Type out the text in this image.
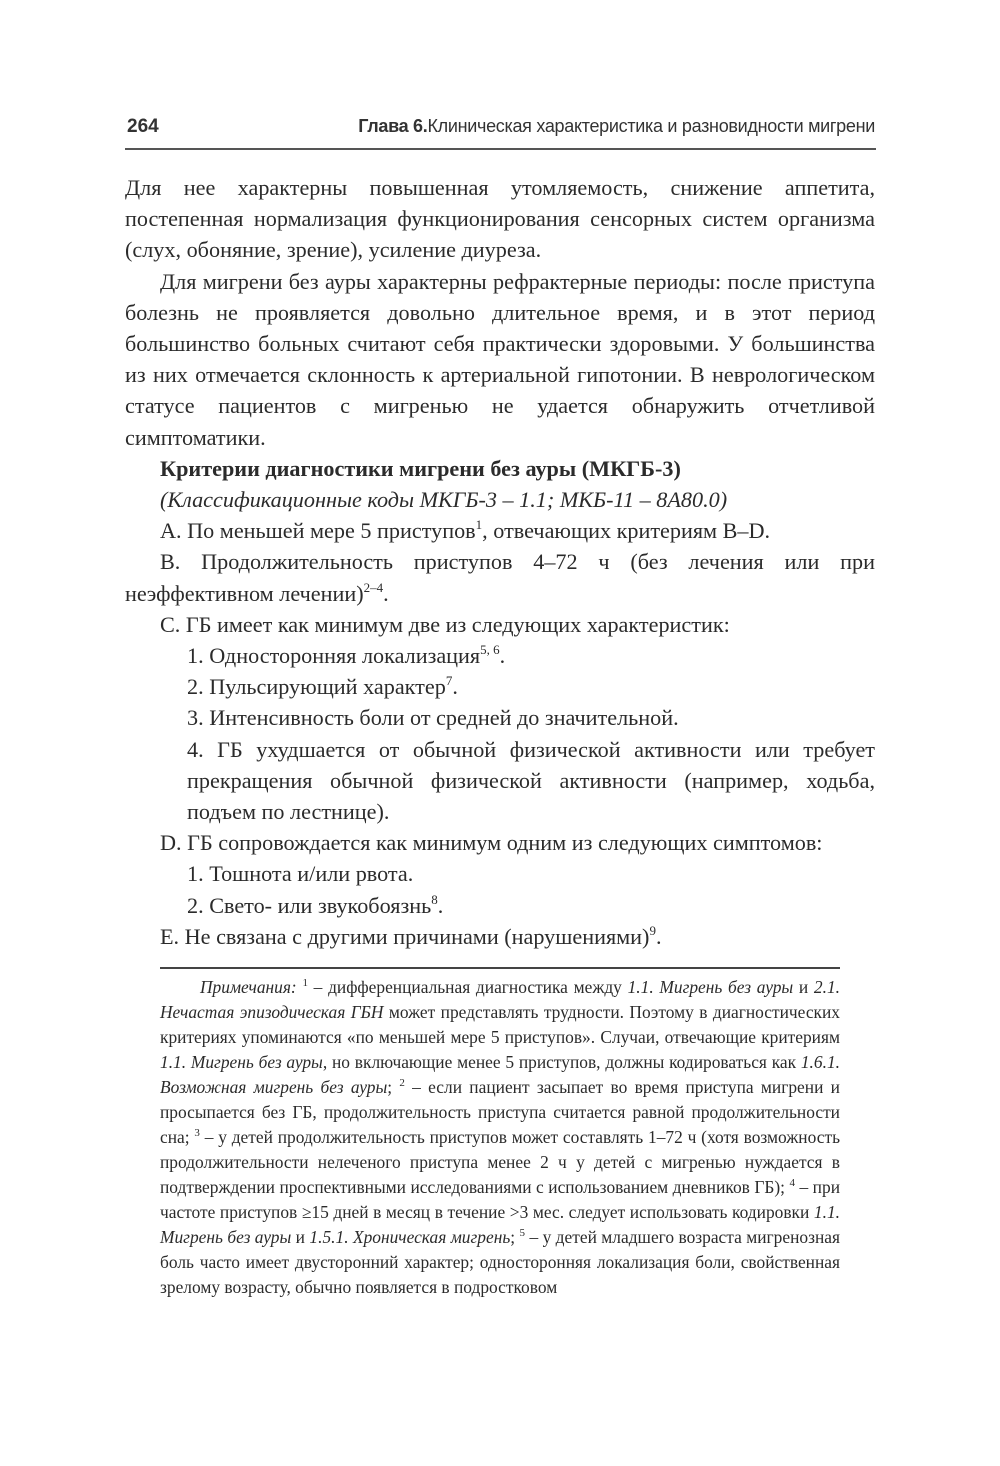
264	Глава 6.Клиническая характеристика и разновидности мигрени

Для нее характерны повышенная утомляемость, снижение аппетита, постепенная нормализация функционирования сенсорных систем организма (слух, обоняние, зрение), усиление диуреза.

Для мигрени без ауры характерны рефрактерные периоды: после приступа болезнь не проявляется довольно длительное время, и в этот период большинство больных считают себя практически здоровыми. У большинства из них отмечается склонность к артериальной гипотонии. В неврологическом статусе пациентов с мигренью не удается обнаружить отчетливой симптоматики.

Критерии диагностики мигрени без ауры (МКГБ-3)

(Классификационные коды МКГБ-3 – 1.1; МКБ-11 – 8A80.0)

A. По меньшей мере 5 приступов$^1$, отвечающих критериям B–D.

B. Продолжительность приступов 4–72 ч (без лечения или при неэффективном лечении)$^{2-4}$.

C. ГБ имеет как минимум две из следующих характеристик:

1. Односторонняя локализация$^{5, 6}$.

2. Пульсирующий характер$^7$.

3. Интенсивность боли от средней до значительной.

4. ГБ ухудшается от обычной физической активности или требует прекращения обычной физической активности (например, ходьба, подъем по лестнице).

D. ГБ сопровождается как минимум одним из следующих симптомов:

1. Тошнота и/или рвота.

2. Свето- или звукобоязнь$^8$.

E. Не связана с другими причинами (нарушениями)$^9$.

Примечания: $^1$ – дифференциальная диагностика между 1.1. Мигрень без ауры и 2.1. Нечастая эпизодическая ГБН может представлять трудности. Поэтому в диагностических критериях упоминаются «по меньшей мере 5 приступов». Случаи, отвечающие критериям 1.1. Мигрень без ауры, но включающие менее 5 приступов, должны кодироваться как 1.6.1. Возможная мигрень без ауры; $^2$ – если пациент засыпает во время приступа мигрени и просыпается без ГБ, продолжительность приступа считается равной продолжительности сна; $^3$ – у детей продолжительность приступов может составлять 1–72 ч (хотя возможность продолжительности нелеченого приступа менее 2 ч у детей с мигренью нуждается в подтверждении проспективными исследованиями с использованием дневников ГБ); $^4$ – при частоте приступов ≥15 дней в месяц в течение >3 мес. следует использовать кодировки 1.1. Мигрень без ауры и 1.5.1. Хроническая мигрень; $^5$ – у детей младшего возраста мигренозная боль часто имеет двусторонний характер; односторонняя локализация боли, свойственная зрелому возрасту, обычно появляется в подростковом
